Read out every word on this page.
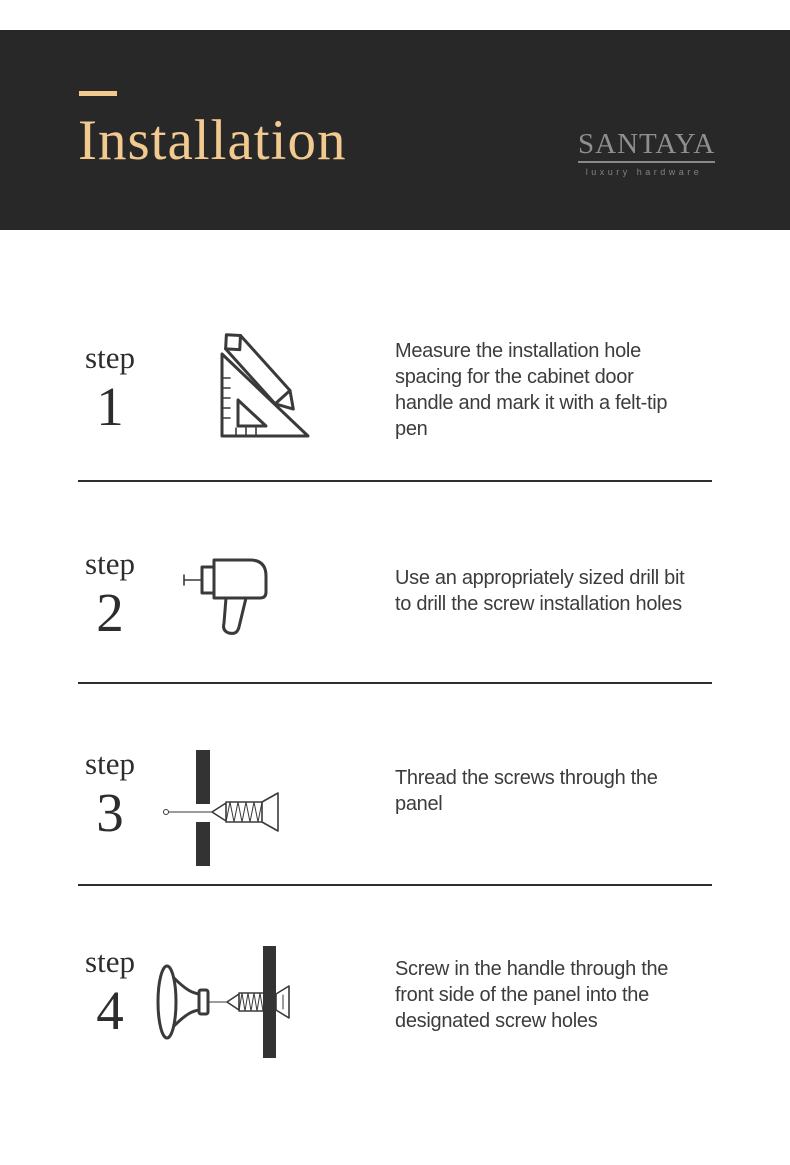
Installation	SANTAYA
luxury hardware
step
1
Measure the installation hole
spacing for the cabinet door
handle and mark it with a felt-tip
pen
step
2
Use an appropriately sized drill bit
to drill the screw installation holes
step
3
Thread the screws through the
panel
step
4
Screw in the handle through the
front side of the panel into the
designated screw holes
